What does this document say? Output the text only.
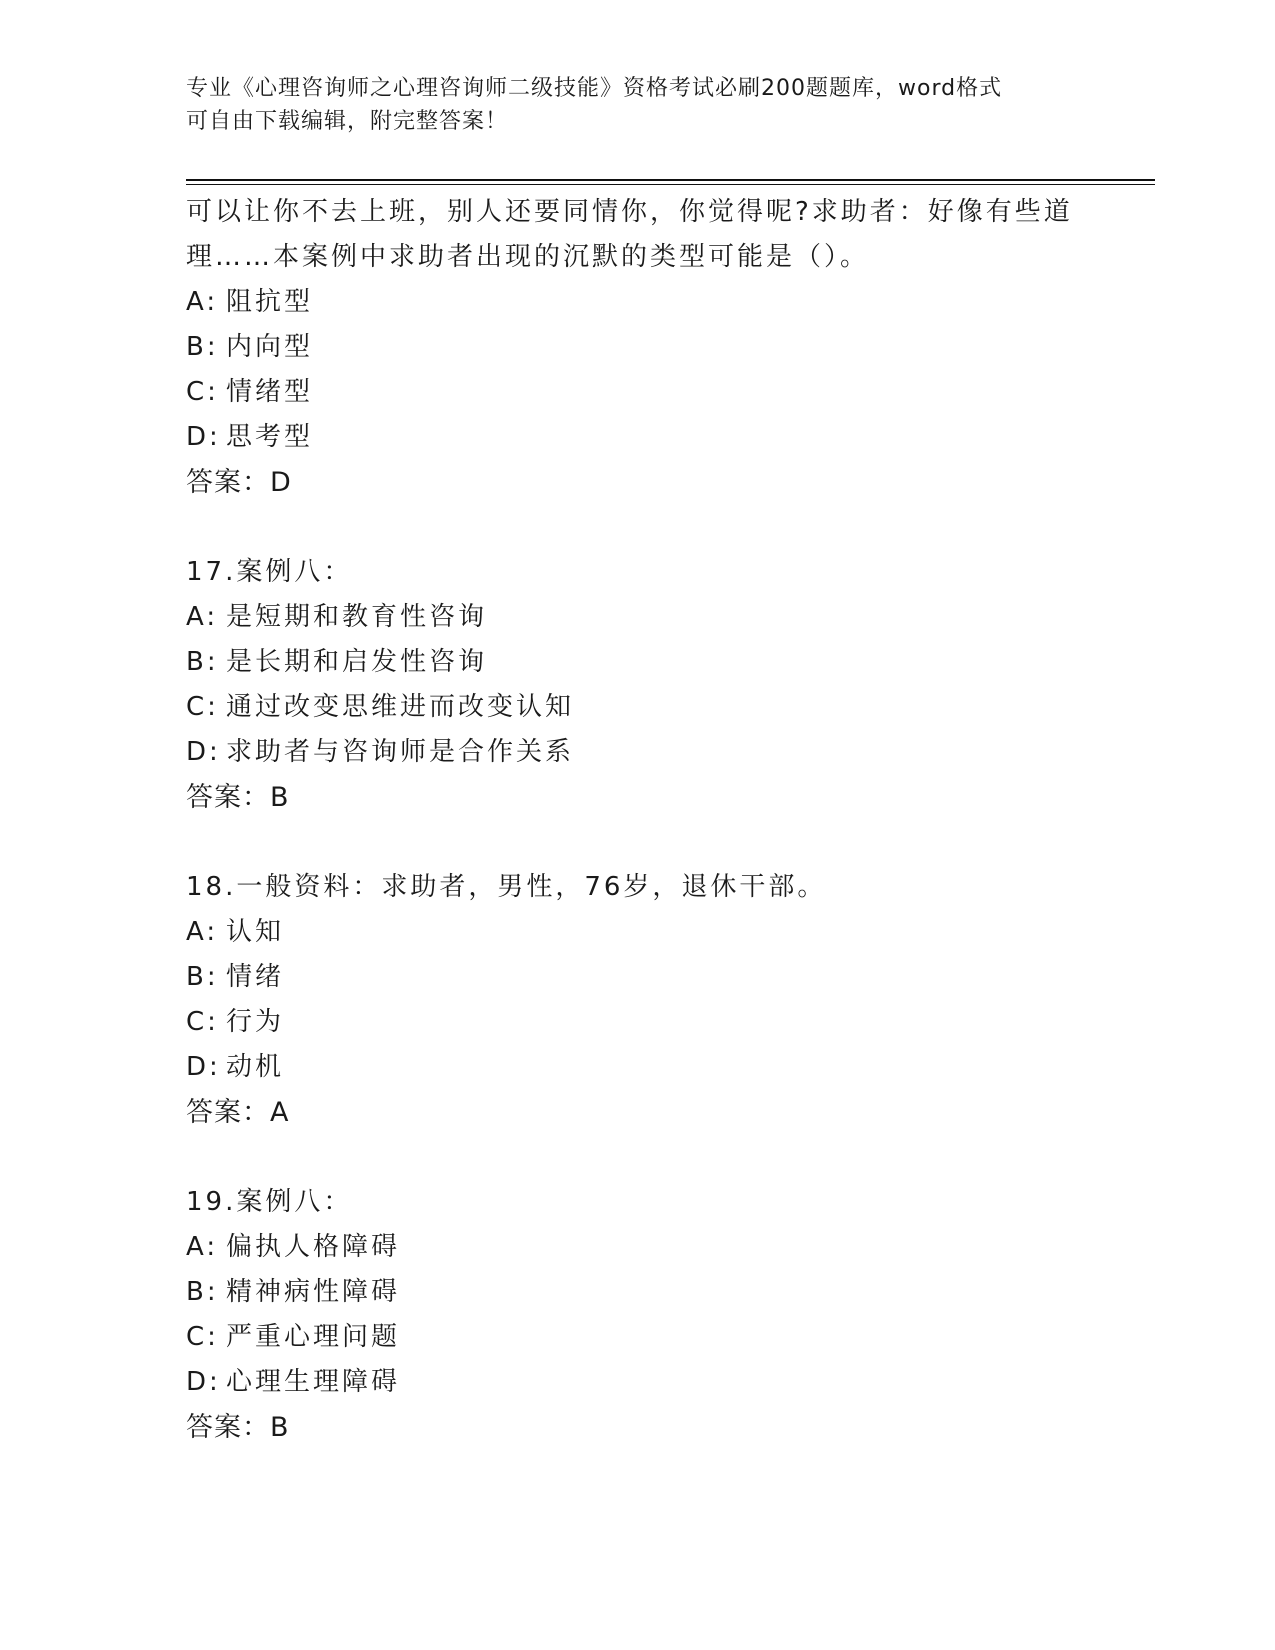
专业《心理咨询师之心理咨询师二级技能》资格考试必刷200题题库，word格式
可自由下载编辑，附完整答案！
可以让你不去上班，别人还要同情你，你觉得呢?求助者：好像有些道
理……本案例中求助者出现的沉默的类型可能是（）。
A: 阻抗型
B: 内向型
C: 情绪型
D: 思考型
答案：D
17.案例八：
A: 是短期和教育性咨询
B: 是长期和启发性咨询
C: 通过改变思维进而改变认知
D: 求助者与咨询师是合作关系
答案：B
18.一般资料：求助者，男性，76岁，退休干部。
A: 认知
B: 情绪
C: 行为
D: 动机
答案：A
19.案例八：
A: 偏执人格障碍
B: 精神病性障碍
C: 严重心理问题
D: 心理生理障碍
答案：B
